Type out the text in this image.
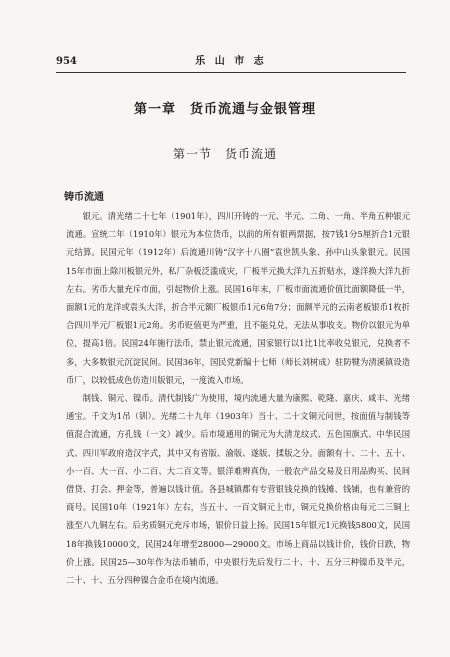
954	乐 山 市 志
第一章　货币流通与金银管理
第一节　货币流通
铸币流通

银元。清光绪二十七年（1901年），四川开铸的一元、半元、二角、一角、半角五种银元流通。宣统二年（1910年）银元为本位货币，以前的所有银两票据，按7钱1分5厘折合1元银元结算。民国元年（1912年）后流通川铸“汉字十八圈”袁世凯头象、孙中山头象银元。民国15年市面上除川板银元外，私厂杂板泛滥成灾，厂板半元换大洋九五折贴水，遂洋换大洋九折左右。劣币大量充斥市面，引起物价上涨。民国16年末，厂板市面流通价值比面额降低一半，面额1元的龙洋或袁头大洋，折合半元额厂板银币1元6角7分；面额半元的云南老板银币1枚折合四川半元厂板银1元2角。劣币贬值更为严重，且不能兑兑，无法从事收支。物价以银元为单位，提高1倍。民国24年施行法币，禁止银元流通，国家银行以1比1比率收兑银元，兑换者不多，大多数银元沉淀民间。民国36年，国民党新编十七师（师长刘树成）驻防犍为清溪镇设造币厂，以较低成色仿造川版银元，一度流入市场。

制钱、铜元、镍币。清代制钱广为使用，境内流通大量为康熙、乾隆、嘉庆、咸丰、光绪通宝。千文为1吊（钏）。光绪二十九年（1903年）当十、二十文铜元问世，按面值与制钱等值混合流通，方孔钱（一文）减少。后市境通用的铜元为大清龙纹式、五色国旗式、中华民国式、四川军政府造汉字式，其中又有省版、渝版、遂版、揉版之分。面额有十、二十、五十、小一百、大一百、小二百、大二百文等。银洋难辨真伪，一般农产品交易及日用品购买、民间借贷、打会、押金等，普遍以钱计值。各县城镇都有专营银钱兑换的钱摊、钱铺，也有兼营的商号。民国10年（1921年）左右，当五十、一百文铜元上市，铜元兑换价格由每元二三铜上涨至八九铜左右。后劣质铜元充斥市场，银价日益上扬。民国15年银元1元换钱5800文，民国18年换钱10000文，民国24年增至28000—29000文。市场上商品以钱计价，钱价日跌，物价上涨。民国25—30年作为法币辅币，中央银行先后发行二十、十、五分三种镍币及半元，二十、十、五分四种镍合金币在境内流通。
